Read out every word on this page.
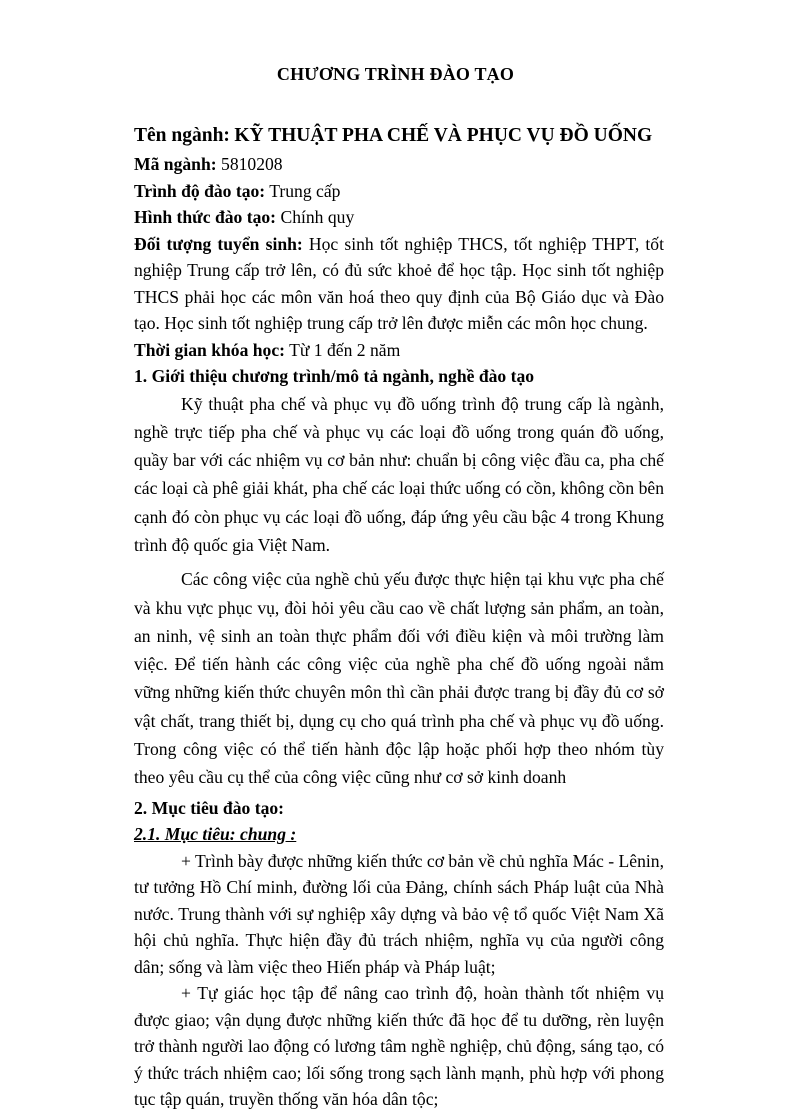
CHƯƠNG TRÌNH ĐÀO TẠO

Tên ngành: KỸ THUẬT PHA CHẾ VÀ PHỤC VỤ ĐỒ UỐNG

Mã ngành: 5810208

Trình độ đào tạo: Trung cấp

Hình thức đào tạo: Chính quy

Đối tượng tuyển sinh: Học sinh tốt nghiệp THCS, tốt nghiệp THPT, tốt nghiệp Trung cấp trở lên, có đủ sức khoẻ để học tập. Học sinh tốt nghiệp THCS phải học các môn văn hoá theo quy định của Bộ Giáo dục và Đào tạo. Học sinh tốt nghiệp trung cấp trở lên được miễn các môn học chung.

Thời gian khóa học: Từ 1 đến 2 năm

1. Giới thiệu chương trình/mô tả ngành, nghề đào tạo

Kỹ thuật pha chế và phục vụ đồ uống trình độ trung cấp là ngành, nghề trực tiếp pha chế và phục vụ các loại đồ uống trong quán đồ uống, quầy bar với các nhiệm vụ cơ bản như: chuẩn bị công việc đầu ca, pha chế các loại cà phê giải khát, pha chế các loại thức uống có cồn, không cồn bên cạnh đó còn phục vụ các loại đồ uống, đáp ứng yêu cầu bậc 4 trong Khung trình độ quốc gia Việt Nam.

Các công việc của nghề chủ yếu được thực hiện tại khu vực pha chế và khu vực phục vụ, đòi hỏi yêu cầu cao về chất lượng sản phẩm, an toàn, an ninh, vệ sinh an toàn thực phẩm đối với điều kiện và môi trường làm việc. Để tiến hành các công việc của nghề pha chế đồ uống ngoài nắm vững những kiến thức chuyên môn thì cần phải được trang bị đầy đủ cơ sở vật chất, trang thiết bị, dụng cụ cho quá trình pha chế và phục vụ đồ uống. Trong công việc có thể tiến hành độc lập hoặc phối hợp theo nhóm tùy theo yêu cầu cụ thể của công việc cũng như cơ sở kinh doanh

2. Mục tiêu đào tạo:

2.1. Mục tiêu: chung :

+ Trình bày được những kiến thức cơ bản về chủ nghĩa Mác - Lênin, tư tưởng Hồ Chí minh, đường lối của Đảng, chính sách Pháp luật của Nhà nước. Trung thành với sự nghiệp xây dựng và bảo vệ tổ quốc Việt Nam Xã hội chủ nghĩa. Thực hiện đầy đủ trách nhiệm, nghĩa vụ của người công dân; sống và làm việc theo Hiến pháp và Pháp luật;

+ Tự giác học tập để nâng cao trình độ, hoàn thành tốt nhiệm vụ được giao; vận dụng được những kiến thức đã học để tu dưỡng, rèn luyện trở thành người lao động có lương tâm nghề nghiệp, chủ động, sáng tạo, có ý thức trách nhiệm cao; lối sống trong sạch lành mạnh, phù hợp với phong tục tập quán, truyền thống văn hóa dân tộc;
